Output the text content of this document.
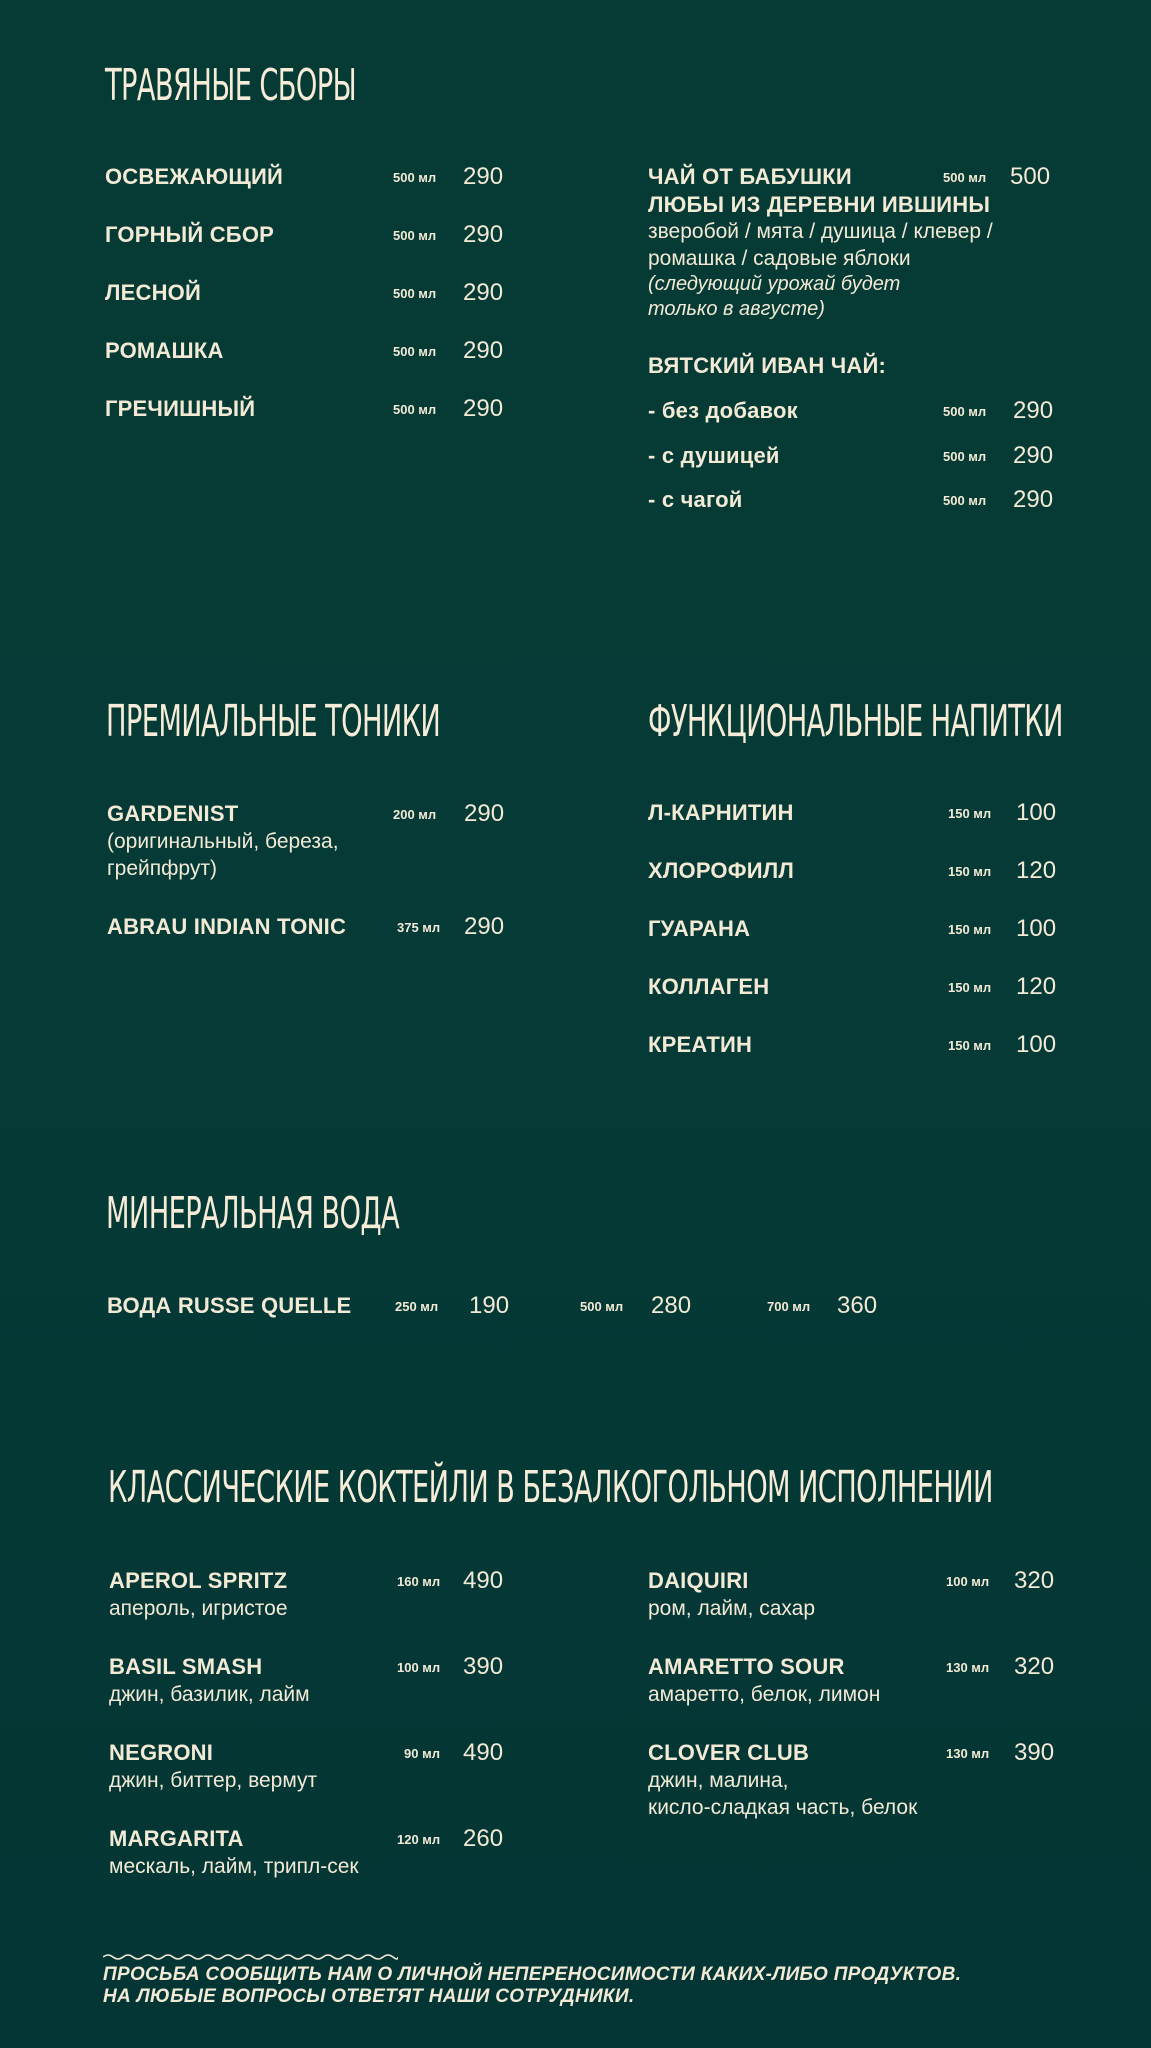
ТРАВЯНЫЕ СБОРЫ
ОСВЕЖАЮЩИЙ	500 мл 290
ГОРНЫЙ СБОР	500 мл 290
ЛЕСНОЙ	500 мл 290
РОМАШКА	500 мл 290
ГРЕЧИШНЫЙ	500 мл 290
ЧАЙ ОТ БАБУШКИ
ЛЮБЫ ИЗ ДЕРЕВНИ ИВШИНЫ
500 мл 500
зверобой / мята / душица / клевер /
ромашка / садовые яблоки
(следующий урожай будет
только в августе)
ВЯТСКИЙ ИВАН ЧАЙ:
- без добавок	500 мл 290
- с душицей	500 мл 290
- с чагой	500 мл 290
ПРЕМИАЛЬНЫЕ ТОНИКИ
GARDENIST	200 мл 290
(оригинальный, береза,
грейпфрут)
ABRAU INDIAN TONIC	375 мл 290
ФУНКЦИОНАЛЬНЫЕ НАПИТКИ
Л-КАРНИТИН	150 мл 100
ХЛОРОФИЛЛ	150 мл 120
ГУАРАНА	150 мл 100
КОЛЛАГЕН	150 мл 120
КРЕАТИН	150 мл 100
МИНЕРАЛЬНАЯ ВОДА
ВОДА RUSSE QUELLE	250 мл 190	500 мл 280	700 мл 360
КЛАССИЧЕСКИЕ КОКТЕЙЛИ В БЕЗАЛКОГОЛЬНОМ ИСПОЛНЕНИИ
APEROL SPRITZ	160 мл 490
апероль, игристое
BASIL SMASH	100 мл 390
джин, базилик, лайм
NEGRONI	90 мл 490
джин, биттер, вермут
MARGARITA	120 мл 260
мескаль, лайм, трипл-сек
DAIQUIRI	100 мл 320
ром, лайм, сахар
AMARETTO SOUR	130 мл 320
амаретто, белок, лимон
CLOVER CLUB	130 мл 390
джин, малина,
кисло-сладкая часть, белок
ПРОСЬБА СООБЩИТЬ НАМ О ЛИЧНОЙ НЕПЕРЕНОСИМОСТИ КАКИХ-ЛИБО ПРОДУКТОВ.
НА ЛЮБЫЕ ВОПРОСЫ ОТВЕТЯТ НАШИ СОТРУДНИКИ.
